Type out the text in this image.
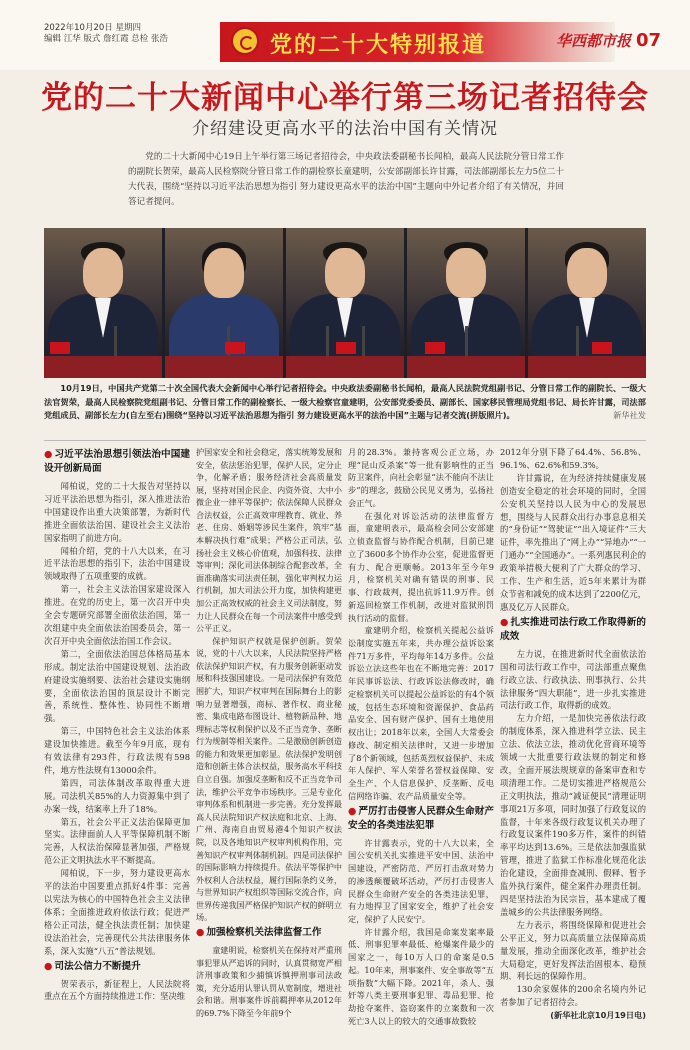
2022年10月20日 星期四
编辑 江华 版式 詹红霞 总检 张浩	党的二十大特别报道	华西都市报 07
党的二十大新闻中心举行第三场记者招待会
介绍建设更高水平的法治中国有关情况
党的二十大新闻中心19日上午举行第三场记者招待会，中央政法委副秘书长闻柏，最高人民法院分管日常工作的副院长贺荣，最高人民检察院分管日常工作的副检察长童建明，公安部副部长许甘露，司法部副部长左力5位二十大代表，围绕“坚持以习近平法治思想为指引 努力建设更高水平的法治中国”主题向中外记者介绍了有关情况，并回答记者提问。
10月19日，中国共产党第二十次全国代表大会新闻中心举行记者招待会。中央政法委副秘书长闻柏，最高人民法院党组副书记、分管日常工作的副院长、一级大法官贺荣，最高人民检察院党组副书记、分管日常工作的副检察长、一级大检察官童建明，公安部党委委员、副部长、国家移民管理局党组书记、局长许甘露，司法部党组成员、副部长左力(自左至右)围绕“坚持以习近平法治思想为指引 努力建设更高水平的法治中国”主题与记者交流(拼版照片)。	新华社发
● 习近平法治思想引领法治中国建设开创新局面

闻柏说，党的二十大报告对坚持以习近平法治思想为指引，深入推进法治中国建设作出重大决策部署，为新时代推进全面依法治国、建设社会主义法治国家指明了前进方向。

闻柏介绍，党的十八大以来，在习近平法治思想的指引下，法治中国建设领域取得了五项重要的成就。

第一，社会主义法治国家建设深入推进。在党的历史上，第一次召开中央全会专题研究部署全面依法治国，第一次组建中央全面依法治国委员会，第一次召开中央全面依法治国工作会议。

第二，全面依法治国总体格局基本形成。制定法治中国建设规划、法治政府建设实施纲要、法治社会建设实施纲要，全面依法治国的顶层设计不断完善，系统性、整体性、协同性不断增强。

第三，中国特色社会主义法治体系建设加快推进。截至今年9月底，现有有效法律有293件，行政法规有598件，地方性法规有13000余件。

第四，司法体制改革取得重大进展。司法机关85%的人力资源集中到了办案一线，结案率上升了18%。

第五，社会公平正义法治保障更加坚实。法律面前人人平等保障机制不断完善，人权法治保障显著加强，严格规范公正文明执法水平不断提高。

闻柏说，下一步，努力建设更高水平的法治中国要重点抓好4件事：完善以宪法为核心的中国特色社会主义法律体系；全面推进政府依法行政；促进严格公正司法，健全执法责任制；加快建设法治社会，完善现代公共法律服务体系，深入实施“八五”普法规划。

● 司法公信力不断提升

贺荣表示，新征程上，人民法院将重点在五个方面持续推进工作：坚决维

护国家安全和社会稳定，落实统筹发展和安全，依法惩治犯罪，保护人民，定分止争，化解矛盾；服务经济社会高质量发展，坚持对国企民企、内资外资、大中小微企业一律平等保护；依法保障人民群众合法权益，公正高效审理教育、就业、养老、住房、婚姻等涉民生案件，筑牢“基本解决执行难”成果；严格公正司法，弘扬社会主义核心价值观，加强科技、法律等审判；深化司法体制综合配套改革，全面准确落实司法责任制，强化审判权力运行机制，加大司法公开力度，加快构建更加公正高效权威的社会主义司法制度，努力让人民群众在每一个司法案件中感受到公平正义。

保护知识产权就是保护创新。贺荣说，党的十八大以来，人民法院坚持严格依法保护知识产权，有力服务创新驱动发展和科技强国建设。一是司法保护有效范围扩大，知识产权审判在国际舞台上的影响力显著增强，商标、著作权、商业秘密、集成电路布图设计、植物新品种、地理标志等权利保护以及不正当竞争、垄断行为规制等相关案件。二是激励创新创造的能力和效果更加彰显。依法保护发明创造和创新主体合法权益，服务高水平科技自立自强。加强反垄断和反不正当竞争司法，维护公平竞争市场秩序。三是专业化审判体系和机制进一步完善。充分发挥最高人民法院知识产权法庭和北京、上海、广州、海南自由贸易港4个知识产权法院，以及各地知识产权审判机构作用，完善知识产权审判体制机制。四是司法保护的国际影响力持续提升。依法平等保护中外权利人合法权益，履行国际条约义务，与世界知识产权组织等国际交流合作，向世界传递我国严格保护知识产权的鲜明立场。

● 加强检察机关法律监督工作

童建明说，检察机关在保持对严重刑事犯罪从严追诉的同时，认真贯彻宽严相济刑事政策和少捕慎诉慎押刑事司法政策，充分适用认罪认罚从宽制度，增进社会和谐。刑事案件诉前羁押率从2012年的69.7%下降至今年前9个

月的28.3%。兼持客观公正立场，办理“昆山反杀案”等一批有影响性的正当防卫案件，向社会彰显“法不能向不法让步”的理念，鼓励公民见义勇为，弘扬社会正气。

在强化对诉讼活动的法律监督方面，童建明表示，最高检会同公安部建立侦查监督与协作配合机制，目前已建立了3600多个协作办公室，促进监督更有力、配合更顺畅。2013年至今年9月，检察机关对确有错误的刑事、民事、行政裁判，提出抗诉11.9万件。创新巡回检察工作机制，改进对监狱刑罚执行活动的监督。

童建明介绍，检察机关提起公益诉讼制度实施五年来，共办理公益诉讼案件71万多件，平均每年14万多件。公益诉讼立法这些年也在不断地完善：2017年民事诉讼法、行政诉讼法修改时，确定检察机关可以提起公益诉讼的有4个领域，包括生态环境和资源保护、食品药品安全、国有财产保护、国有土地使用权出让；2018年以来，全国人大常委会修改、制定相关法律时，又进一步增加了8个新领域，包括英烈权益保护、未成年人保护、军人荣誉名誉权益保障、安全生产、个人信息保护、反垄断、反电信网络诈骗、农产品质量安全等。

● 严厉打击侵害人民群众生命财产安全的各类违法犯罪

许甘露表示，党的十八大以来，全国公安机关扎实推进平安中国、法治中国建设，严密防范、严厉打击敌对势力的渗透颠覆破坏活动，严厉打击侵害人民群众生命财产安全的各类违法犯罪，有力地捍卫了国家安全，维护了社会安定，保护了人民安宁。

许甘露介绍，我国是命案发案率最低、刑事犯罪率最低、枪爆案件最少的国家之一，每10万人口的命案是0.5起。10年来，刑事案件、安全事故等“五项指数”大幅下降。2021年，杀人、强奸等八类主要刑事犯罪、毒品犯罪、抢劫抢夺案件、盗窃案件的立案数和一次死亡3人以上的较大的交通事故数较

2012年分别下降了64.4%、56.8%、96.1%、62.6%和59.3%。

许甘露说，在为经济持续健康发展创造安全稳定的社会环境的同时，全国公安机关坚持以人民为中心的发展思想，围绕与人民群众出行办事息息相关的“身份证”“驾驶证”“出入境证件”三大证件，率先推出了“网上办”“异地办”“一门通办”“全国通办”。一系列惠民利企的政策举措极大便利了广大群众的学习、工作、生产和生活，近5年来累计为群众节省和减免的成本达到了2200亿元，惠及亿万人民群众。

● 扎实推进司法行政工作取得新的成效

左力说，在推进新时代全面依法治国和司法行政工作中，司法部重点聚焦行政立法、行政执法、刑事执行、公共法律服务“四大职能”，进一步扎实推进司法行政工作，取得新的成效。

左力介绍，一是加快完善依法行政的制度体系，深入推进科学立法、民主立法、依法立法，推动优化营商环境等领域一大批重要行政法规的制定和修改，全面开展法规规章的备案审查和专项清理工作。二是切实推进严格规范公正文明执法，推动“减证便民”清理证明事项21万多项，同时加强了行政复议的监督，十年来各级行政复议机关办理了行政复议案件190多万件，案件的纠错率平均达到13.6%。三是依法加强监狱管理，推进了监狱工作标准化规范化法治化建设，全面排查减刑、假释、暂予监外执行案件，健全案件办理责任制。四是坚持法治为民宗旨，基本建成了覆盖城乡的公共法律服务网络。

左力表示，将围绕保障和促进社会公平正义，努力以高质量立法保障高质量发展，推动全面深化改革，维护社会大局稳定，更好发挥法治固根本、稳预期、利长远的保障作用。

130余家媒体的200余名境内外记者参加了记者招待会。

(新华社北京10月19日电)
